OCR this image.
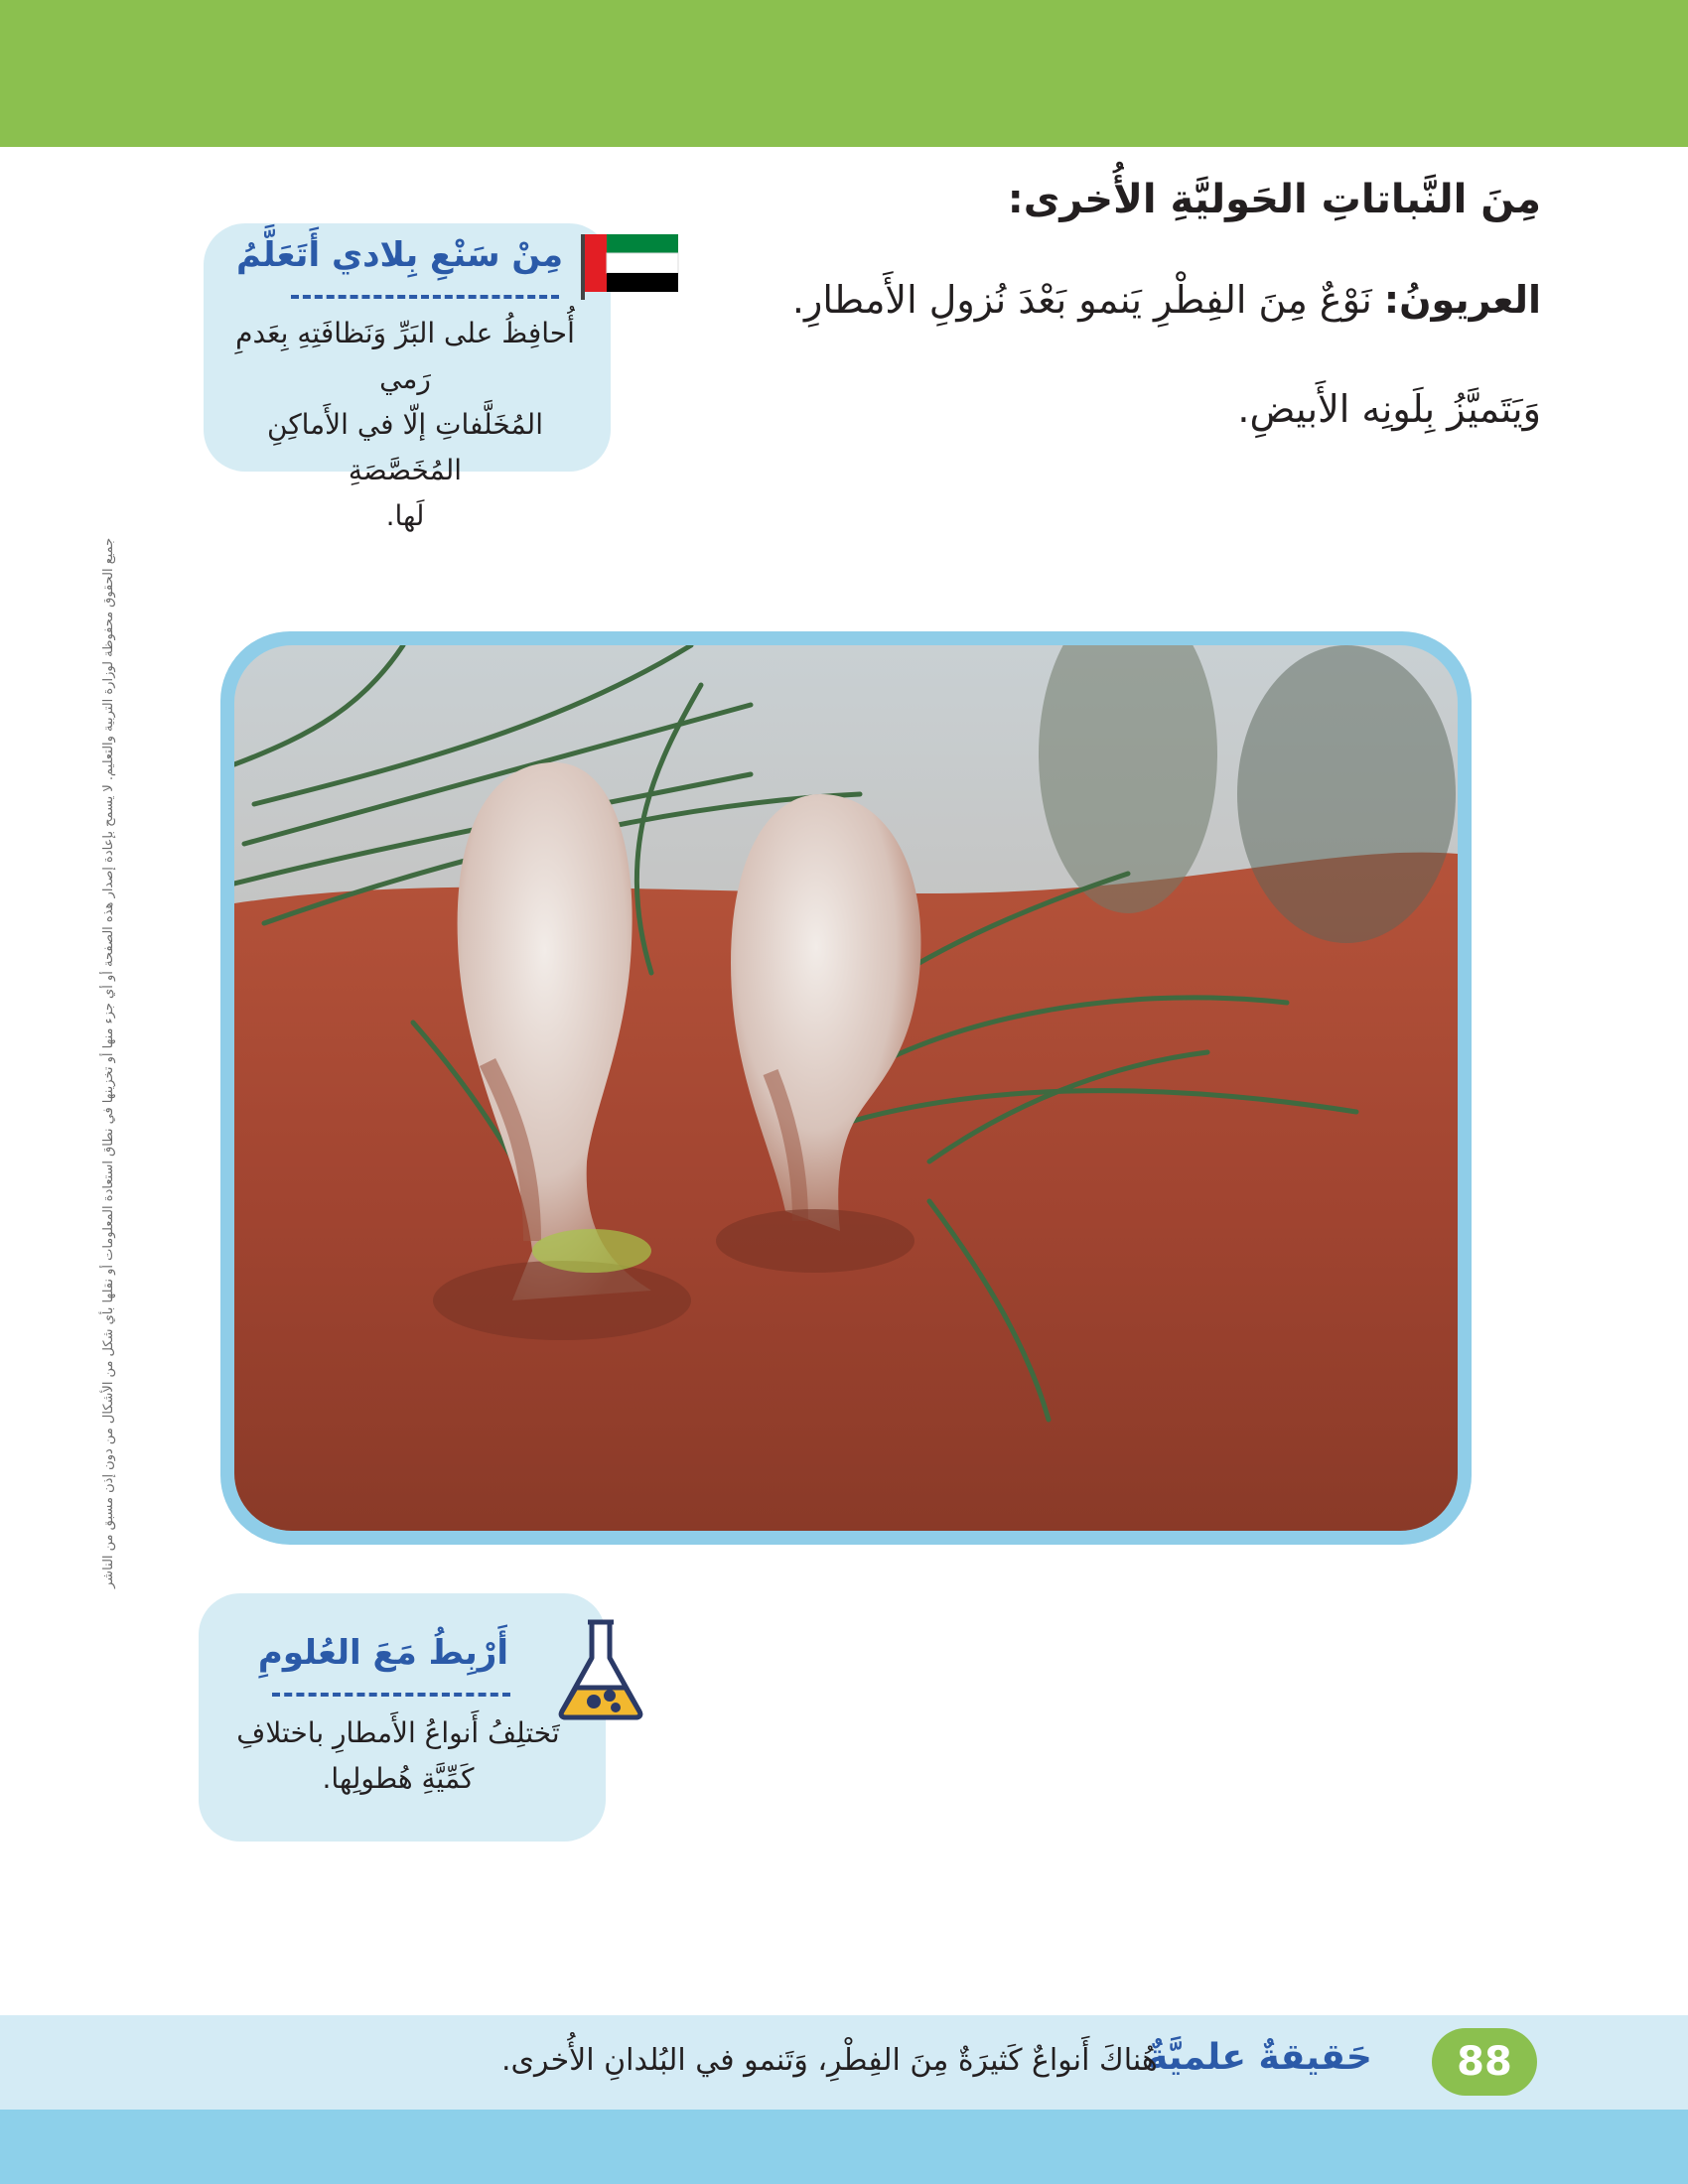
مِنَ النَّباتاتِ الحَوليَّةِ الأُخرى:
العريونُ: نَوْعٌ مِنَ الفِطْرِ يَنمو بَعْدَ نُزولِ الأَمطارِ.
وَيَتَميَّزُ بِلَونِه الأَبيضِ.
مِنْ سَنْعِ بِلادي أَتَعَلَّمُ
أُحافِظُ على البَرِّ وَنَظافَتِهِ بِعَدمِ رَمي
المُخَلَّفاتِ إلّا في الأَماكِنِ المُخَصَّصَةِ
لَها.
جميع الحقوق محفوظة لوزارة التربية والتعليم. لا يسمح بإعادة إصدار هذه الصفحة أو أي جزء منها أو تخزينها في نطاق استعادة المعلومات أو نقلها بأي شكل من الأشكال من دون إذن مسبق من الناشر
أَرْبِطُ مَعَ العُلومِ
تَختلِفُ أَنواعُ الأَمطارِ باختلافِ
كَمِّيَّةِ هُطولِها.
88
حَقيقةٌ علميَّةٌ
هُناكَ أَنواعٌ كَثيرَةٌ مِنَ الفِطْرِ، وَتَنمو في البُلدانِ الأُخرى.
